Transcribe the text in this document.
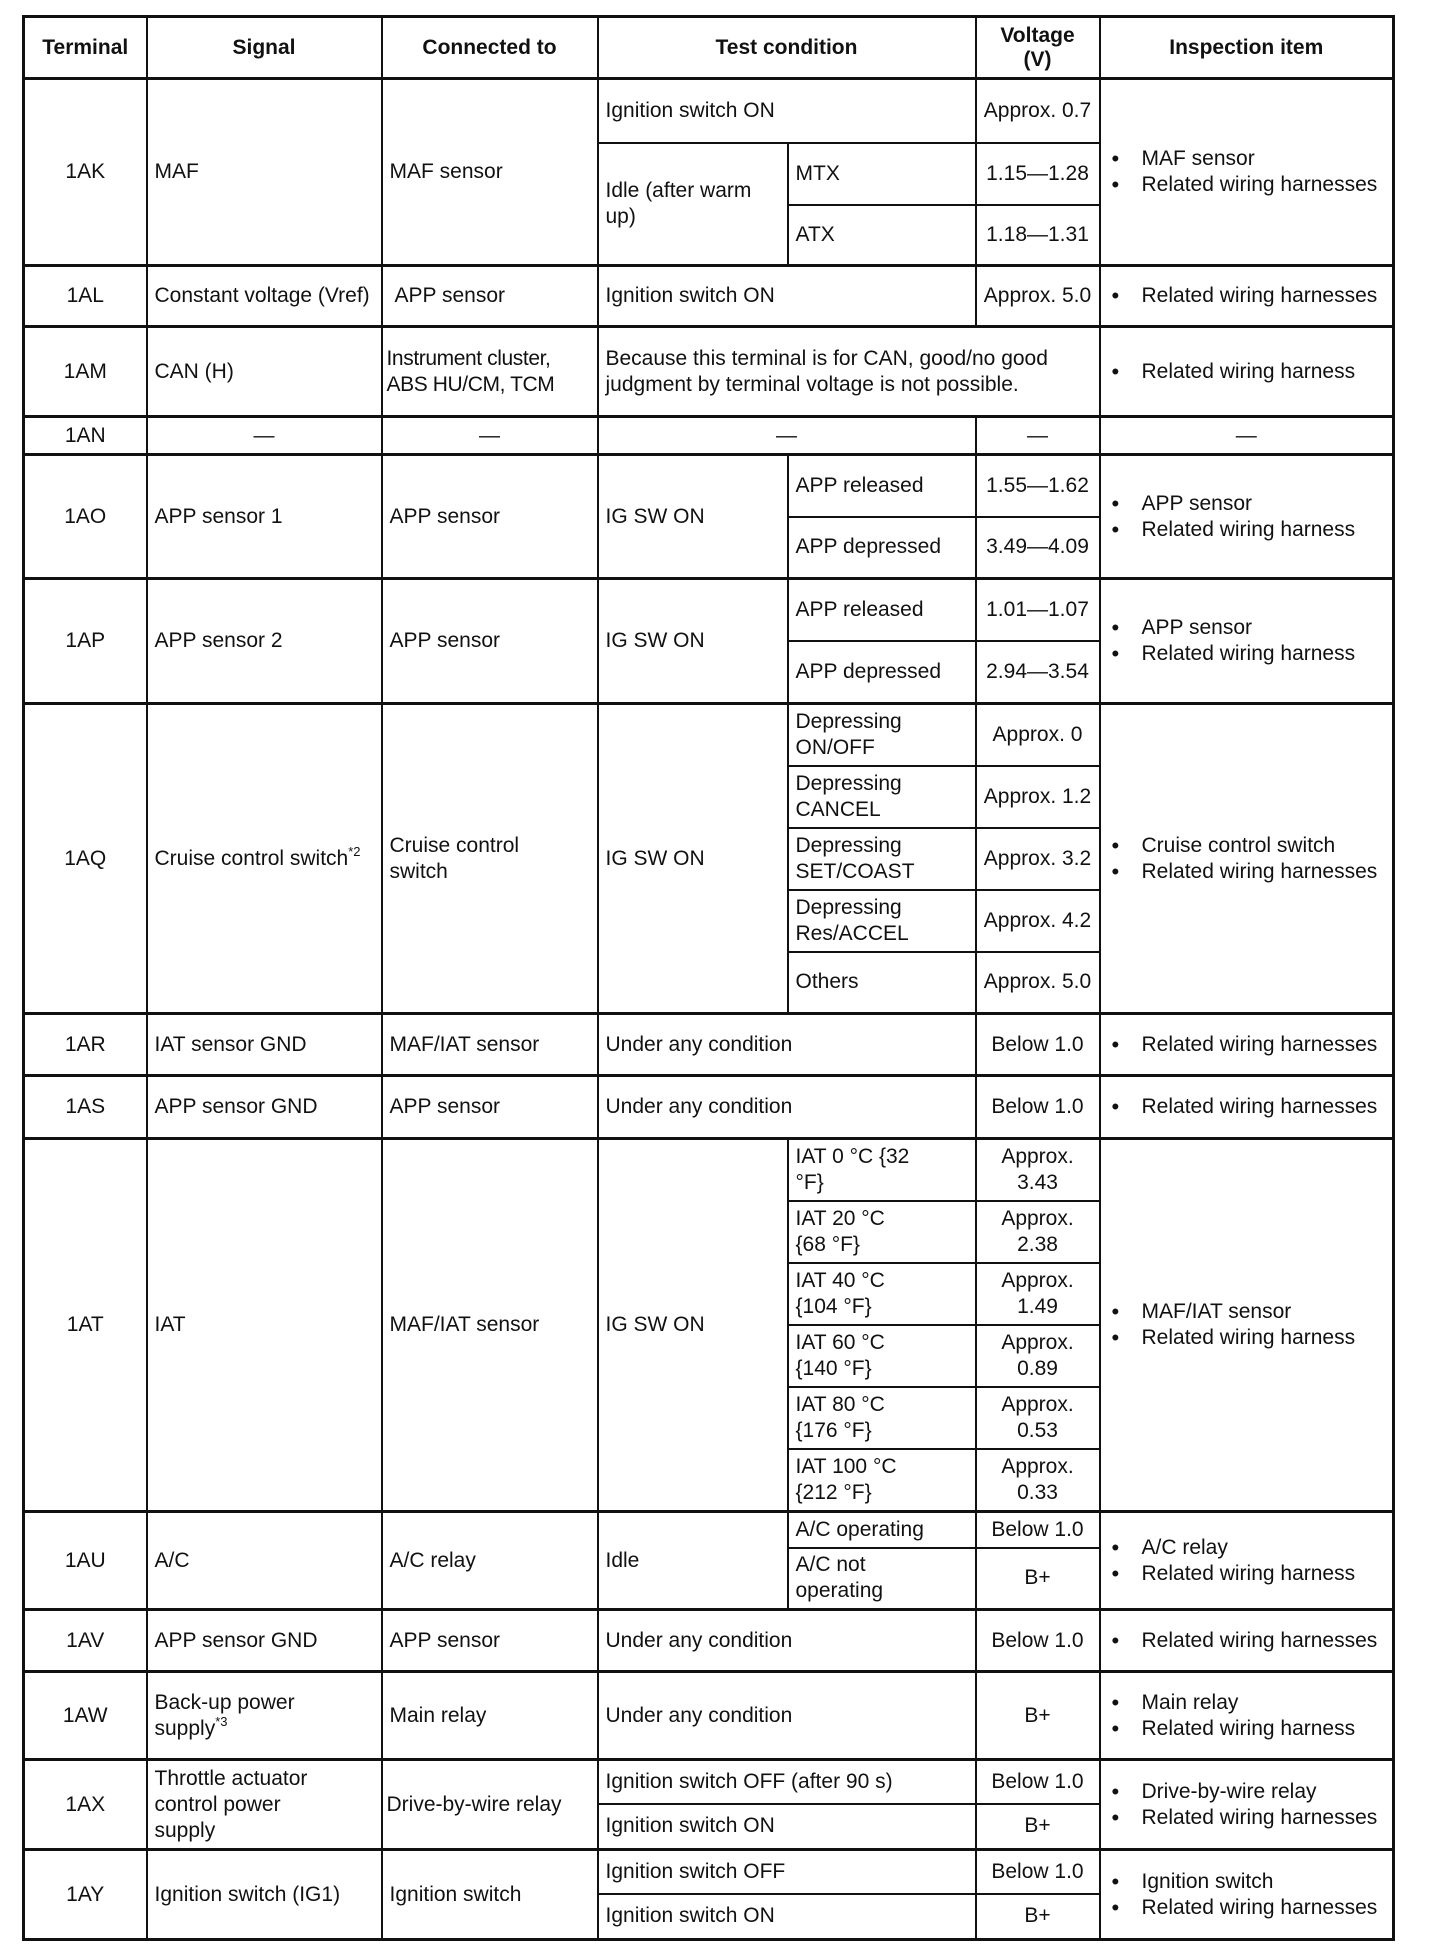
Terminal	Signal	Connected to	Test condition		Voltage (V)	Inspection item
1AK	MAF	MAF sensor	Ignition switch ON	Approx. 0.7	
• MAF sensor
• Related wiring harnesses

			Idle (after warm up)	MTX	1.15—1.28	
				ATX	1.18—1.31	
1AL	Constant voltage (Vref)	APP sensor	Ignition switch ON	Approx. 5.0	
•Related wiring harnesses

1AM	CAN (H)	Instrument cluster, ABS HU/CM, TCM	Because this terminal is for CAN, good/no good judgment by terminal voltage is not possible.	
• Related wiring harness

1AN	—	—	—		—	—
1AO	APP sensor 1	APP sensor	IG SW ON	APP released	1.55—1.62	
• APP sensor
• Related wiring harness

				APP depressed	3.49—4.09	
1AP	APP sensor 2	APP sensor	IG SW ON	APP released	1.01—1.07	
• APP sensor
• Related wiring harness

				APP depressed	2.94—3.54	
1AQ	Cruise control switch$^{*2}$	Cruise control switch	IG SW ON	Depressing ON/OFF	Approx. 0	
• Cruise control switch
• Related wiring harnesses

				Depressing CANCEL	Approx. 1.2	
				Depressing SET/COAST	Approx. 3.2	
				Depressing Res/ACCEL	Approx. 4.2	
				Others	Approx. 5.0	
1AR	IAT sensor GND	MAF/IAT sensor	Under any condition	Below 1.0	
•Related wiring harnesses

1AS	APP sensor GND	APP sensor	Under any condition	Below 1.0	
•Related wiring harnesses

1AT	IAT	MAF/IAT sensor	IG SW ON	IAT 0 °C {32 °F}	Approx. 3.43	
• MAF/IAT sensor
• Related wiring harness

				IAT 20 °C {68 °F}	Approx. 2.38	
				IAT 40 °C {104 °F}	Approx. 1.49	
				IAT 60 °C {140 °F}	Approx. 0.89	
				IAT 80 °C {176 °F}	Approx. 0.53	
				IAT 100 °C {212 °F}	Approx. 0.33	
1AU	A/C	A/C relay	Idle	A/C operating	Below 1.0	
• A/C relay
• Related wiring harness

				A/C not operating	B+	
1AV	APP sensor GND	APP sensor	Under any condition	Below 1.0	
•Related wiring harnesses

1AW	Back-up power supply$^{*3}$	Main relay	Under any condition	B+	
• Main relay
• Related wiring harness

1AX	Throttle actuator control power supply	Drive-by-wire relay	Ignition switch OFF (after 90 s)	Below 1.0	
•Drive-by-wire relay
• Related wiring harnesses

			Ignition switch ON		B+	
1AY	Ignition switch (IG1)	Ignition switch	Ignition switch OFF	Below 1.0	
•Ignition switch
• Related wiring harnesses

			Ignition switch ON		B+	
